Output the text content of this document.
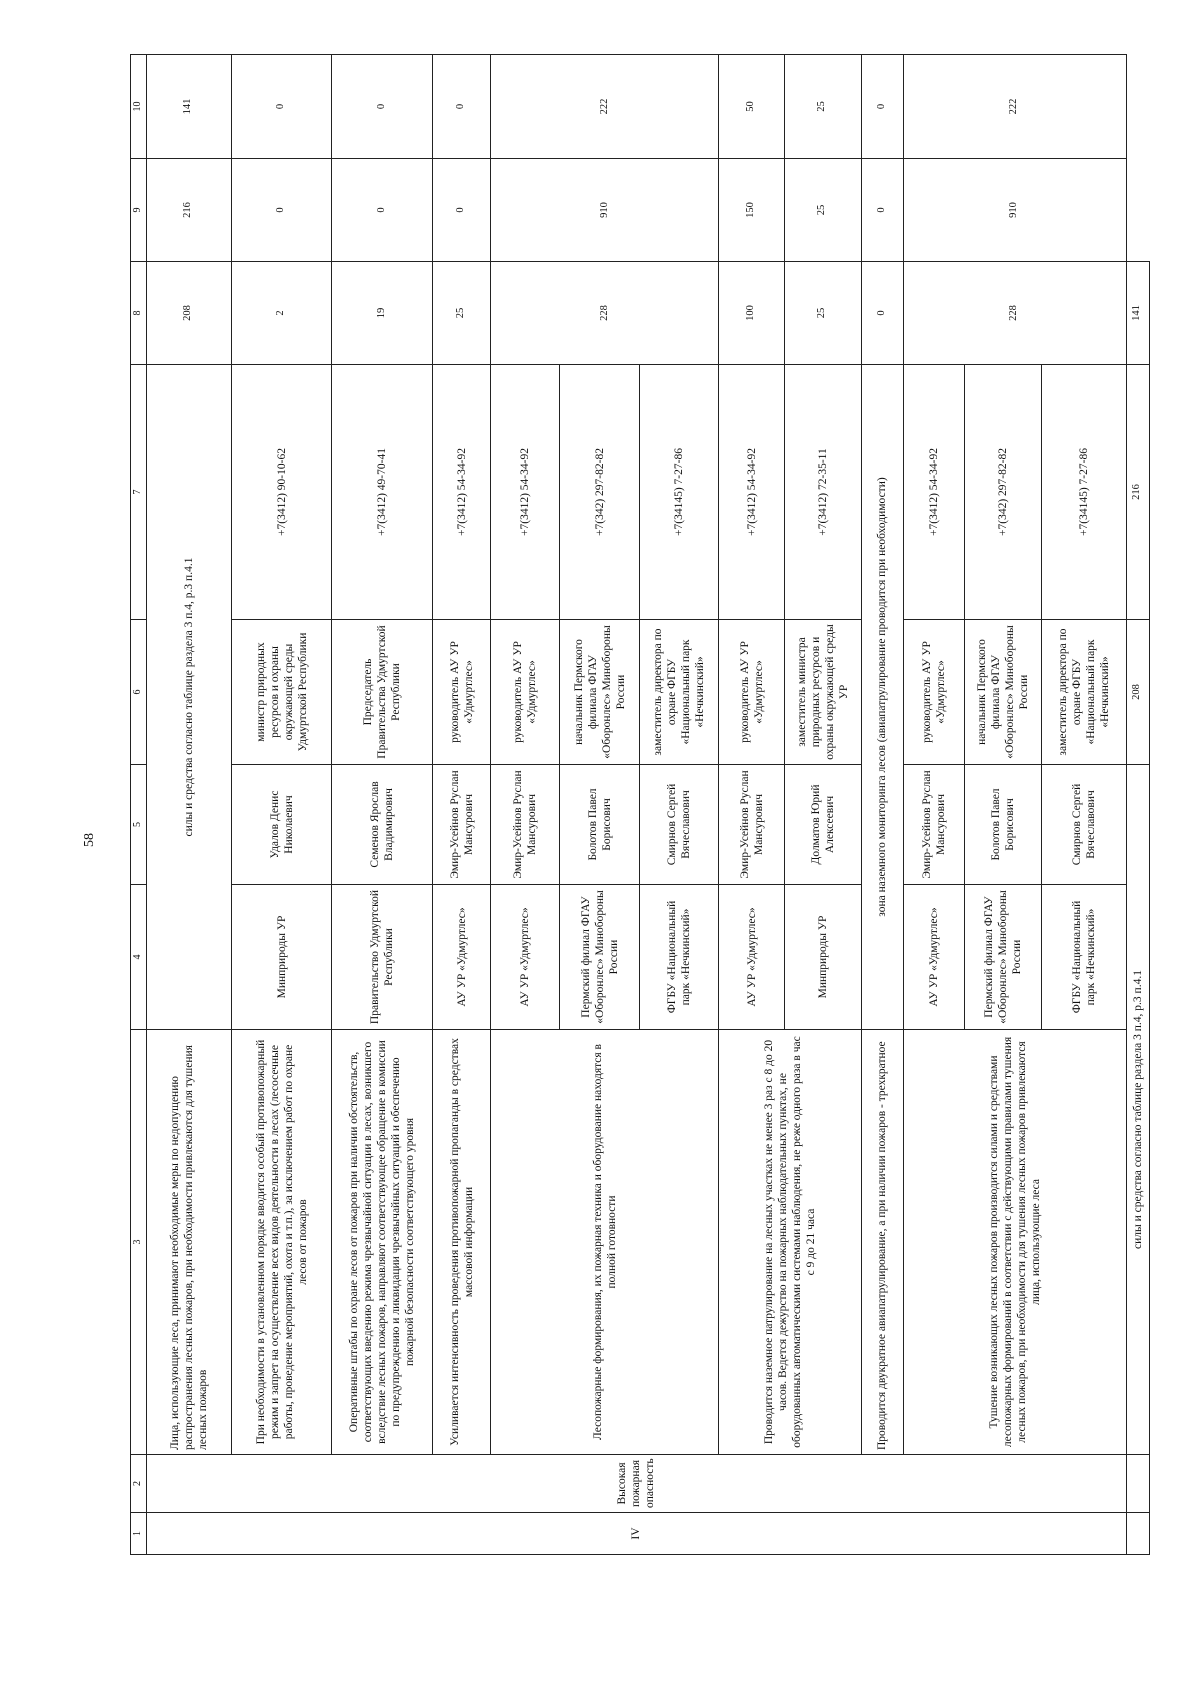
58
1	2	3	4	5	6	7	8	9	10
IV	Высокая пожарная опасность	Лица, использующие леса, принимают необходимые меры по недопущению распространения лесных пожаров, при необходимости привлекаются для тушения лесных пожаров	силы и средства согласно таблице раздела 3 п.4, р.3 п.4.1				208	216	141
		При необходимости в установленном порядке вводится особый противопожарный режим и запрет на осуществление всех видов деятельности в лесах (лесосечные работы, проведение мероприятий, охота и т.п.), за исключением работ по охране лесов от пожаров	Минприроды УР	Удалов Денис Николаевич	министр природных ресурсов и охраны окружающей среды Удмуртской Республики	+7(3412) 90-10-62	2	0	0
		Оперативные штабы по охране лесов от пожаров при наличии обстоятельств, соответствующих введению режима чрезвычайной ситуации в лесах, возникшего вследствие лесных пожаров, направляют соответствующее обращение в комиссии по предупреждению и ликвидации чрезвычайных ситуаций и обеспечению пожарной безопасности соответствующего уровня	Правительство Удмуртской Республики	Семенов Ярослав Владимирович	Председатель Правительства Удмуртской Республики	+7(3412) 49-70-41	19	0	0
		Усиливается интенсивность проведения противопожарной пропаганды в средствах массовой информации	АУ УР «Удмуртлес»	Эмир-Усейнов Руслан Мансурович	руководитель АУ УР «Удмуртлес»	+7(3412) 54-34-92	25	0	0
		Лесопожарные формирования, их пожарная техника и оборудование находятся в полной готовности	АУ УР «Удмуртлес»	Эмир-Усейнов Руслан Мансурович	руководитель АУ УР «Удмуртлес»	+7(3412) 54-34-92	228	910	222
			Пермский филиал ФГАУ «Оборонлес» Минобороны России	Болотов Павел Борисович	начальник Пермского филиала ФГАУ «Оборонлес» Минобороны России	+7(342) 297-82-82			
			ФГБУ «Национальный парк «Нечкинский»	Смирнов Сергей Вячеславович	заместитель директора по охране ФГБУ «Национальный парк «Нечкинский»	+7(34145) 7-27-86			
		Проводится наземное патрулирование на лесных участках не менее 3 раз с 8 до 20 часов. Ведется дежурство на пожарных наблюдательных пунктах, не оборудованных автоматическими системами наблюдения, не реже одного раза в час с 9 до 21 часа	АУ УР «Удмуртлес»	Эмир-Усейнов Руслан Мансурович	руководитель АУ УР «Удмуртлес»	+7(3412) 54-34-92	100	150	50
			Минприроды УР	Долматов Юрий Алексеевич	заместитель министра природных ресурсов и охраны окружающей среды УР	+7(3412) 72-35-11	25	25	25
		Проводится двукратное авиапатрулирование, а при наличии пожаров - трехкратное	зона наземного мониторинга лесов (авиапатрулирование проводится при необходимости)				0	0	0
		Тушение возникающих лесных пожаров производится силами и средствами лесопожарных формирований в соответствии с действующими правилами тушения лесных пожаров, при необходимости для тушения лесных пожаров привлекаются лица, использующие леса	АУ УР «Удмуртлес»	Эмир-Усейнов Руслан Мансурович	руководитель АУ УР «Удмуртлес»	+7(3412) 54-34-92	228	910	222
			Пермский филиал ФГАУ «Оборонлес» Минобороны России	Болотов Павел Борисович	начальник Пермского филиала ФГАУ «Оборонлес» Минобороны России	+7(342) 297-82-82			
			ФГБУ «Национальный парк «Нечкинский»	Смирнов Сергей Вячеславович	заместитель директора по охране ФГБУ «Национальный парк «Нечкинский»	+7(34145) 7-27-86			
		силы и средства согласно таблице раздела 3 п.4, р.3 п.4.1			208	216	141		
